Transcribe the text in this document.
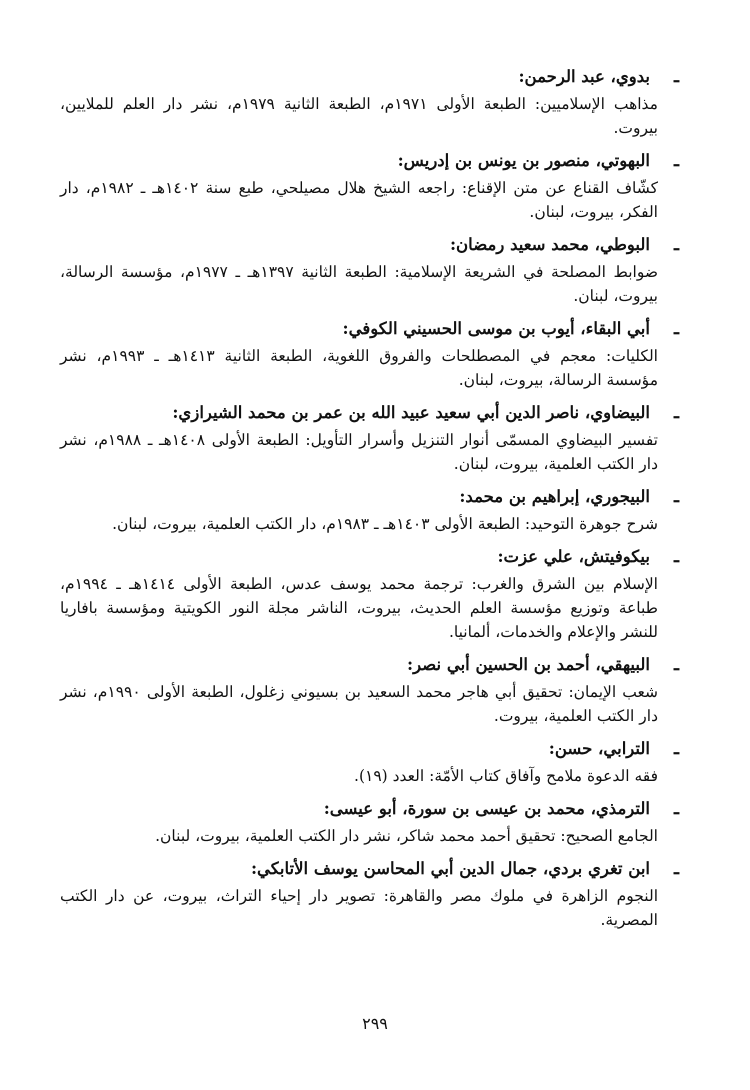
ـ
بدوي، عبد الرحمن:
مذاهب الإسلاميين: الطبعة الأولى ١٩٧١م، الطبعة الثانية ١٩٧٩م، نشر دار العلم للملايين، بيروت.
ـ
البهوتي، منصور بن يونس بن إدريس:
كشّاف القناع عن متن الإقناع: راجعه الشيخ هلال مصيلحي، طبع سنة ١٤٠٢هـ ـ ١٩٨٢م، دار الفكر، بيروت، لبنان.
ـ
البوطي، محمد سعيد رمضان:
ضوابط المصلحة في الشريعة الإسلامية: الطبعة الثانية ١٣٩٧هـ ـ ١٩٧٧م، مؤسسة الرسالة، بيروت، لبنان.
ـ
أبي البقاء، أيوب بن موسى الحسيني الكوفي:
الكليات: معجم في المصطلحات والفروق اللغوية، الطبعة الثانية ١٤١٣هـ ـ ١٩٩٣م، نشر مؤسسة الرسالة، بيروت، لبنان.
ـ
البيضاوي، ناصر الدين أبي سعيد عبيد الله بن عمر بن محمد الشيرازي:
تفسير البيضاوي المسمّى أنوار التنزيل وأسرار التأويل: الطبعة الأولى ١٤٠٨هـ ـ ١٩٨٨م، نشر دار الكتب العلمية، بيروت، لبنان.
ـ
البيجوري، إبراهيم بن محمد:
شرح جوهرة التوحيد: الطبعة الأولى ١٤٠٣هـ ـ ١٩٨٣م، دار الكتب العلمية، بيروت، لبنان.
ـ
بيكوفيتش، علي عزت:
الإسلام بين الشرق والغرب: ترجمة محمد يوسف عدس، الطبعة الأولى ١٤١٤هـ ـ ١٩٩٤م، طباعة وتوزيع مؤسسة العلم الحديث، بيروت، الناشر مجلة النور الكويتية ومؤسسة بافاريا للنشر والإعلام والخدمات، ألمانيا.
ـ
البيهقي، أحمد بن الحسين أبي نصر:
شعب الإيمان: تحقيق أبي هاجر محمد السعيد بن بسيوني زغلول، الطبعة الأولى ١٩٩٠م، نشر دار الكتب العلمية، بيروت.
ـ
الترابي، حسن:
فقه الدعوة ملامح وآفاق كتاب الأمّة: العدد (١٩).
ـ
الترمذي، محمد بن عيسى بن سورة، أبو عيسى:
الجامع الصحيح: تحقيق أحمد محمد شاكر، نشر دار الكتب العلمية، بيروت، لبنان.
ـ
ابن تغري بردي، جمال الدين أبي المحاسن يوسف الأتابكي:
النجوم الزاهرة في ملوك مصر والقاهرة: تصوير دار إحياء التراث، بيروت، عن دار الكتب المصرية.
٢٩٩
